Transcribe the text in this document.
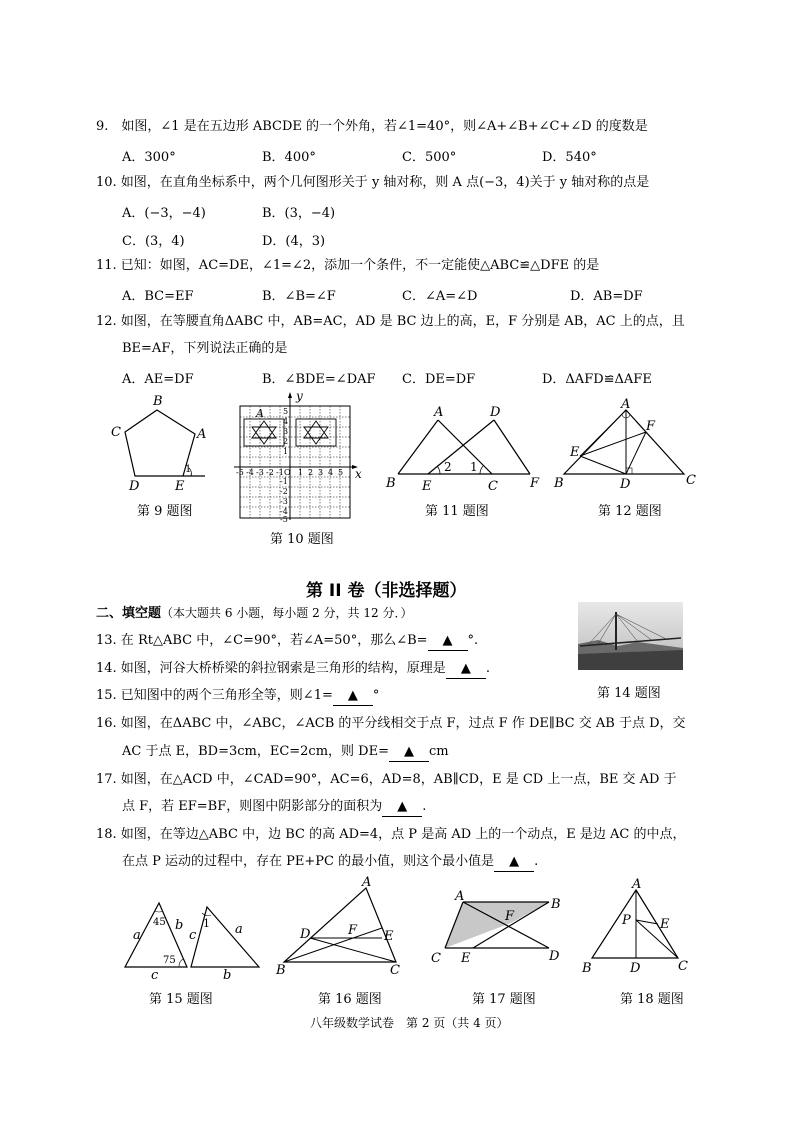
9.　如图，∠1 是在五边形 ABCDE 的一个外角，若∠1=40°，则∠A+∠B+∠C+∠D 的度数是
A．300°	B．400°	C．500°	D．540°
10. 如图，在直角坐标系中，两个几何图形关于 y 轴对称，则 A 点(−3，4)关于 y 轴对称的点是
A．(−3，−4)	B．(3，−4)
C．(3，4)	D．(4，3)
11. 已知：如图，AC=DE，∠1=∠2，添加一个条件，不一定能使△ABC≌△DFE 的是
A．BC=EF	B．∠B=∠F	C．∠A=∠D	D．AB=DF
12. 如图，在等腰直角ΔABC 中，AB=AC，AD 是 BC 边上的高，E，F 分别是 AB，AC 上的点，且
BE=AF，下列说法正确的是
A．AE=DF	B．∠BDE=∠DAF C．DE=DF	D．ΔAFD≌ΔAFE
B
A
C
D	E
1
A
y
x
5
4
3
2
1
-5 -4 -3 -2 -1 O 1 2 3 4 5
-1
-2
-3
-4
-5
A	D
B E	C F
2 1
A
F
E
B	D	C
第 9 题图
第 10 题图
第 11 题图	第 12 题图
第 II 卷（非选择题）
二、填空题（本大题共 6 小题，每小题 2 分，共 12 分．）
第 14 题图
13. 在 Rt△ABC 中，∠C=90°，若∠A=50°，那么∠B= ▲ °.
14. 如图，河谷大桥桥梁的斜拉钢索是三角形的结构，原理是 ▲ .
15. 已知图中的两个三角形全等，则∠1= ▲ °
16. 如图，在ΔABC 中，∠ABC，∠ACB 的平分线相交于点 F，过点 F 作 DE∥BC 交 AB 于点 D，交
AC 于点 E，BD=3cm，EC=2cm，则 DE= ▲ cm
17. 如图，在△ACD 中，∠CAD=90°，AC=6，AD=8，AB∥CD，E 是 CD 上一点，BE 交 AD 于
点 F，若 EF=BF，则图中阴影部分的面积为 ▲ .
18. 如图，在等边△ABC 中，边 BC 的高 AD=4，点 P 是高 AD 上的一个动点，E 是边 AC 的中点，
在点 P 运动的过程中，存在 PE+PC 的最小值，则这个最小值是 ▲ .
a
45 b
c
75
c
1 a
b
A
D	F E
B	C
A
B
F
C E	D
A
P E
B	D	C
第 15 题图	第 16 题图	第 17 题图	第 18 题图
八年级数学试卷　第 2 页（共 4 页）
